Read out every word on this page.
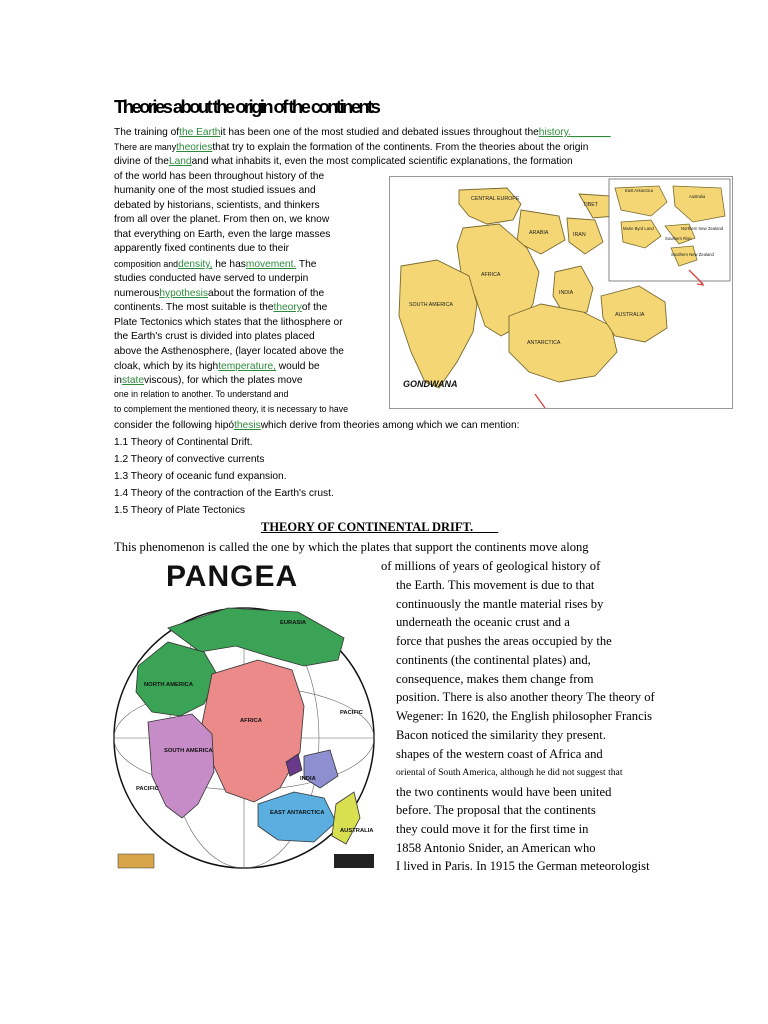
Theories about the origin of the continents
The training ofthe Earthit has been one of the most studied and debated issues throughout thehistory._______
There are manytheoriesthat try to explain the formation of the continents. From the theories about the origin
divine of theLandand what inhabits it, even the most complicated scientific explanations, the formation
of the world has been throughout history of the
humanity one of the most studied issues and
debated by historians, scientists, and thinkers
from all over the planet. From then on, we know
that everything on Earth, even the large masses
apparently fixed continents due to their
composition anddensity, he hasmovement. The
studies conducted have served to underpin
numeroushypothesisabout the formation of the
continents. The most suitable is thetheoryof the
Plate Tectonics which states that the lithosphere or
the Earth's crust is divided into plates placed
above the Asthenosphere, (layer located above the
cloak, which by its hightemperature, would be
instateviscous), for which the plates move
one in relation to another. To understand and
to complement the mentioned theory, it is necessary to have
consider the following hipóthesiswhich derive from theories among which we can mention:
1.1 Theory of Continental Drift.
1.2 Theory of convective currents
1.3 Theory of oceanic fund expansion.
1.4 Theory of the contraction of the Earth's crust.
1.5 Theory of Plate Tectonics
THEORY OF CONTINENTAL DRIFT.____
This phenomenon is called the one by which the plates that support the continents move along
of millions of years of geological history of
the Earth. This movement is due to that
continuously the mantle material rises by
underneath the oceanic crust and a
force that pushes the areas occupied by the
continents (the continental plates) and,
consequence, makes them change from
position. There is also another theory The theory of
Wegener: In 1620, the English philosopher Francis
Bacon noticed the similarity they present.
shapes of the western coast of Africa and
oriental of South America, although he did not suggest that
the two continents would have been united
before. The proposal that the continents
they could move it for the first time in
1858 Antonio Snider, an American who
I lived in Paris. In 1915 the German meteorologist
CENTRAL EUROPE
ARABIA	IRAN
AFRICA
SOUTH AMERICA
INDIA
ANTARCTICA
AUSTRALIA
TIBET
East Antarctica
Australia
Marie Byrd Land	Northern New Zealand
Southern Rise
Southern New Zealand
GONDWANA
PANGEA
EURASIA
NORTH AMERICA
AFRICA
SOUTH AMERICA
PACIFIC
PACIFIC
INDIA
EAST ANTARCTICA
AUSTRALIA
